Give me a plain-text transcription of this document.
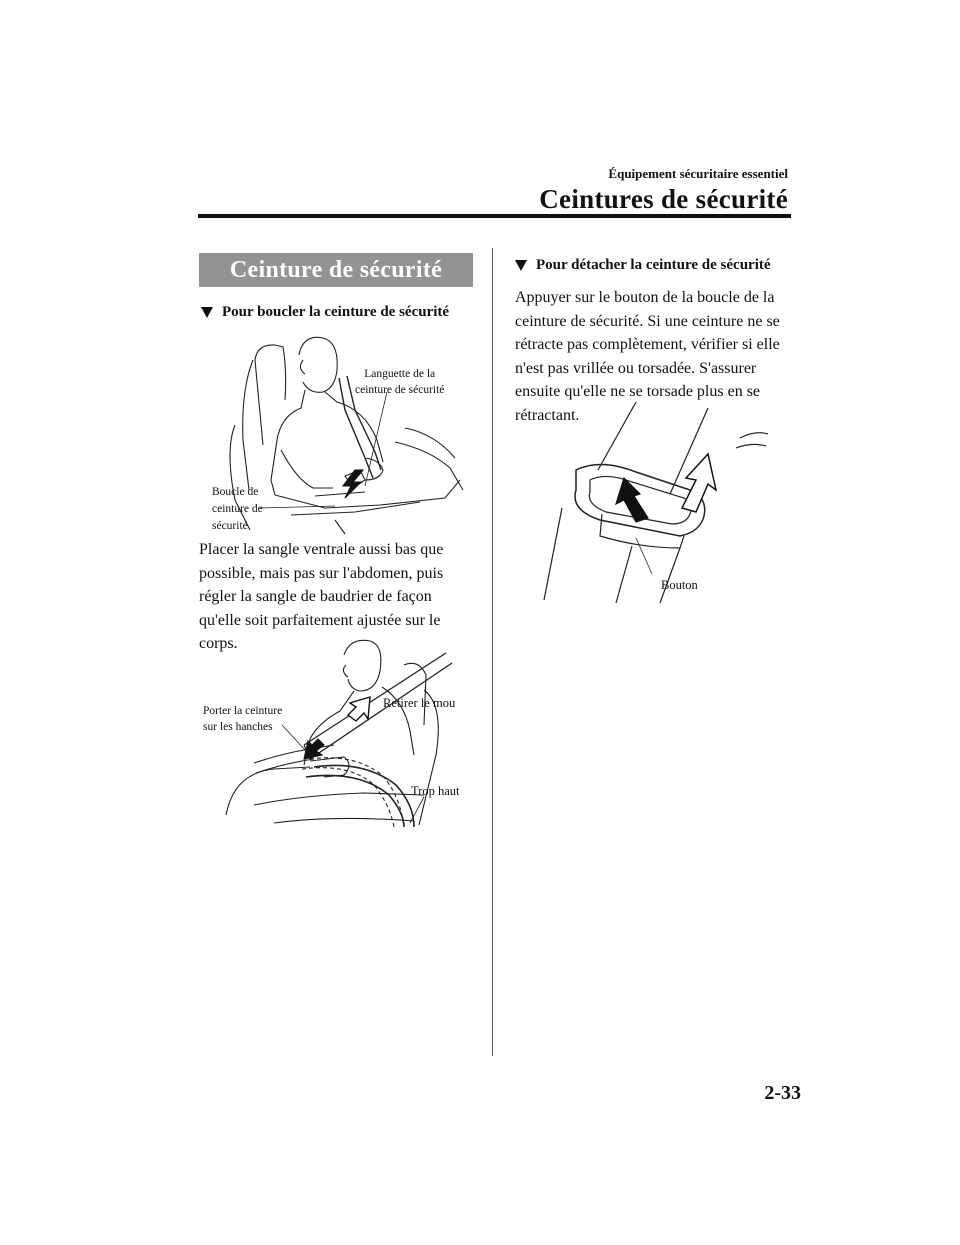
Équipement sécuritaire essentiel
Ceintures de sécurité
Ceinture de sécurité
Pour boucler la ceinture de sécurité
Languette de la
ceinture de sécurité
Boucle de
ceinture de
sécurité
Placer la sangle ventrale aussi bas que
possible, mais pas sur l'abdomen, puis
régler la sangle de baudrier de façon
qu'elle soit parfaitement ajustée sur le
corps.
Porter la ceinture
sur les hanches
Retirer le mou
Trop haut
Pour détacher la ceinture de sécurité
Appuyer sur le bouton de la boucle de la
ceinture de sécurité. Si une ceinture ne se
rétracte pas complètement, vérifier si elle
n'est pas vrillée ou torsadée. S'assurer
ensuite qu'elle ne se torsade plus en se
rétractant.
Bouton
2-33
